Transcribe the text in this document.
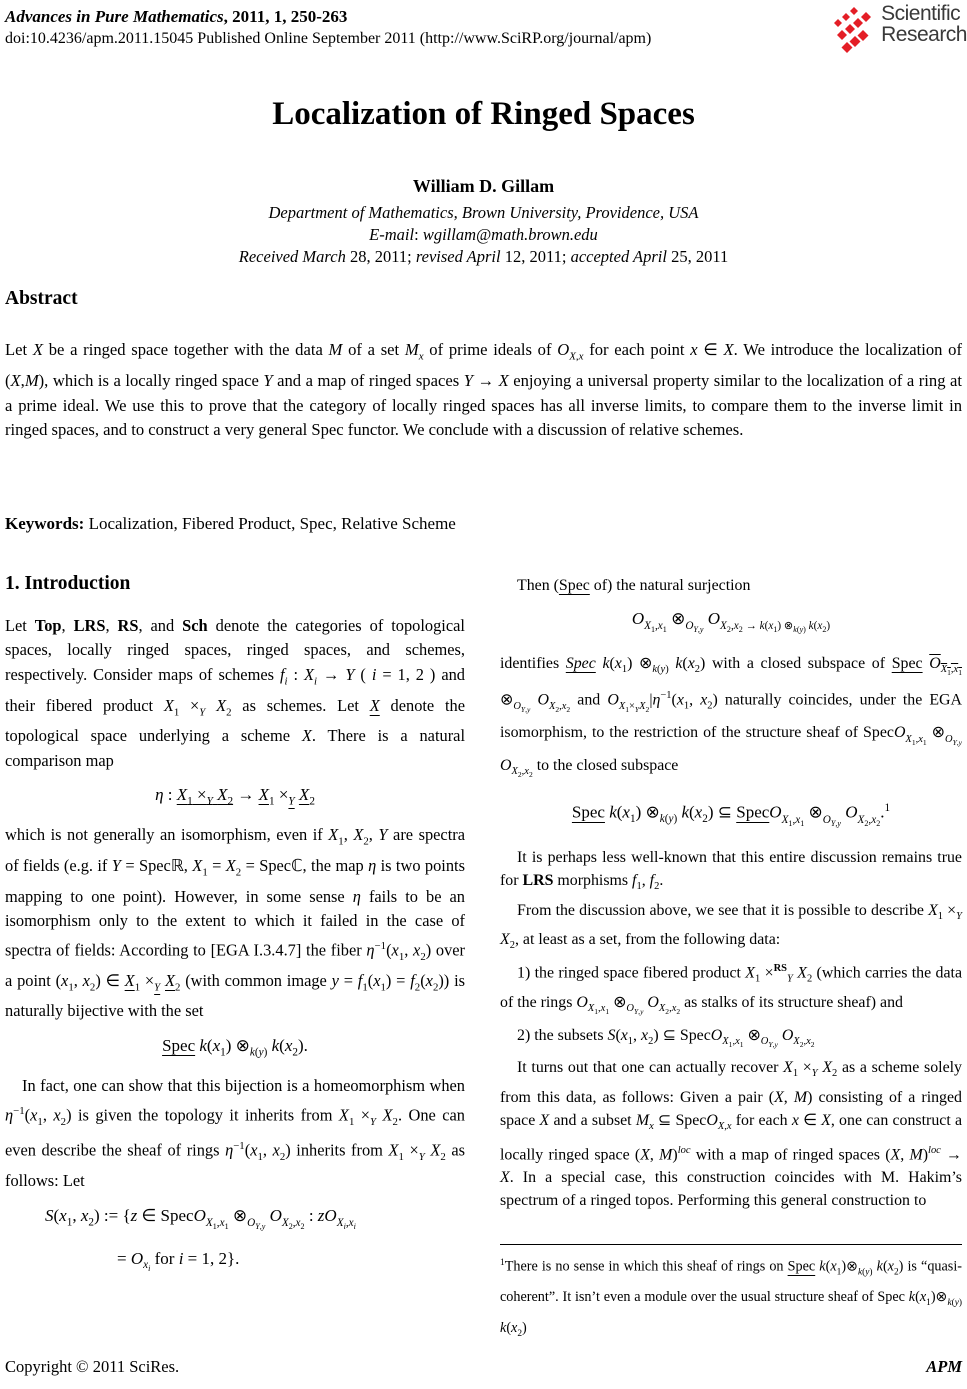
Advances in Pure Mathematics, 2011, 1, 250-263
doi:10.4236/apm.2011.15045 Published Online September 2011 (http://www.SciRP.org/journal/apm)
Scientific
Research
Localization of Ringed Spaces
William D. Gillam
Department of Mathematics, Brown University, Providence, USA
E-mail: wgillam@math.brown.edu
Received March 28, 2011; revised April 12, 2011; accepted April 25, 2011
Abstract
Let X be a ringed space together with the data M of a set $M_x$ of prime ideals of $O_{X,x}$ for each point x ∈ X. We introduce the localization of (X,M), which is a locally ringed space Y and a map of ringed spaces Y → X enjoying a universal property similar to the localization of a ring at a prime ideal. We use this to prove that the category of locally ringed spaces has all inverse limits, to compare them to the inverse limit in ringed spaces, and to construct a very general Spec functor. We conclude with a discussion of relative schemes.
Keywords: Localization, Fibered Product, Spec, Relative Scheme
1. Introduction

Let Top, LRS, RS, and Sch denote the categories of topological spaces, locally ringed spaces, ringed spaces, and schemes, respectively. Consider maps of schemes $f_i$ : $X_i \to Y$ ( i = 1, 2 ) and their fibered product $X_1 \times_Y$ $X_2$ as schemes. Let X denote the topological space underlying a scheme X. There is a natural comparison map

η : $X_1 \times_Y$ $X_2 \to X_1 \times_Y$ $X_2$

which is not generally an isomorphism, even if $X_1$, $X_2$, Y are spectra of fields (e.g. if Y = Specℝ, $X_1 = X_2$ = Specℂ, the map η is two points mapping to one point). However, in some sense η fails to be an isomorphism only to the extent to which it failed in the case of spectra of fields: According to [EGA I.3.4.7] the fiber $\eta^{-1}(x_1$, $x_2$) over a point ($x_1$, $x_2$) ∈ $X_1 \times_Y$ $X_2$ (with common image $y = f_1(x_1) = f_2(x_2)$) is naturally bijective with the set

Spec $k(x_1)$ $\otimes_{k(y)}$ $k(x_2)$.

In fact, one can show that this bijection is a homeomorphism when $\eta^{-1}(x_1$, $x_2$) is given the topology it inherits from $X_1 \times_Y$ $X_2$. One can even describe the sheaf of rings $\eta^{-1}(x_1$, $x_2$) inherits from $X_1 \times_Y$ $X_2$ as follows: Let

$S(x_1$, $x_2$) := {z ∈ SpecO$_{X_1,x_1}$ $\otimes_{O_{Y,y}}$ $O_{X_2,x_2}$ : $zO_{X_i,x_i}$
= $O_{x_i}$ for i = 1, 2}.

Then (Spec of) the natural surjection

$O_{X_1,x_1}$ $\otimes_{O_{Y,y}}$ $O_{X_2,x_2 \to k(x_1) \otimes_{k(y)} k(x_2)}$

identifies Spec $k(x_1)$ $\otimes_{k(y)}$ $k(x_2)$ with a closed subspace of Spec $O_{X_1,x_1}$ $\otimes_{O_{Y,y}}$ $O_{X_2,x_2}$ and $O_{X_1\times_YX_2}|\eta^{-1}(x_1$, $x_2$) naturally coincides, under the EGA isomorphism, to the restriction of the structure sheaf of SpecO$_{X_1,x_1}$ $\otimes_{O_{Y,y}}$ $O_{X_2,x_2}$ to the closed subspace

Spec $k(x_1)$ $\otimes_{k(y)}$ $k(x_2)$ ⊆ SpecO$_{X_1,x_1}$ $\otimes_{O_{Y,y}}$ $O_{X_2,x_2}.^1$

It is perhaps less well-known that this entire discussion remains true for LRS morphisms $f_1$, $f_2$.

From the discussion above, we see that it is possible to describe $X_1 \times_Y$ $X_2$, at least as a set, from the following data:

1) the ringed space fibered product $X_1 \times^{RS}_Y$ $X_2$ (which carries the data of the rings $O_{X_1,x_1}$ $\otimes_{O_{Y,y}}$ $O_{X_2,x_2}$ as stalks of its structure sheaf) and

2) the subsets $S(x_1$, $x_2$) ⊆ SpecO$_{X_1,x_1}$ $\otimes_{O_{Y,y}}$ $O_{X_2,x_2}$

It turns out that one can actually recover $X_1 \times_Y$ $X_2$ as a scheme solely from this data, as follows: Given a pair (X, M) consisting of a ringed space X and a subset $M_x$ ⊆ SpecO$_{X,x}$ for each x ∈ X, one can construct a locally ringed space (X, M)$^{loc}$ with a map of ringed spaces (X, M)$^{loc}$ → X. In a special case, this construction coincides with M. Hakim’s spectrum of a ringed topos. Performing this general construction to

$^1$There is no sense in which this sheaf of rings on Spec $k(x_1)\otimes_{k(y)}$ $k(x_2)$ is “quasi-coherent”. It isn’t even a module over the usual structure sheaf of Spec $k(x_1)\otimes_{k(y)}$ $k(x_2)$
Copyright © 2011 SciRes.	APM
